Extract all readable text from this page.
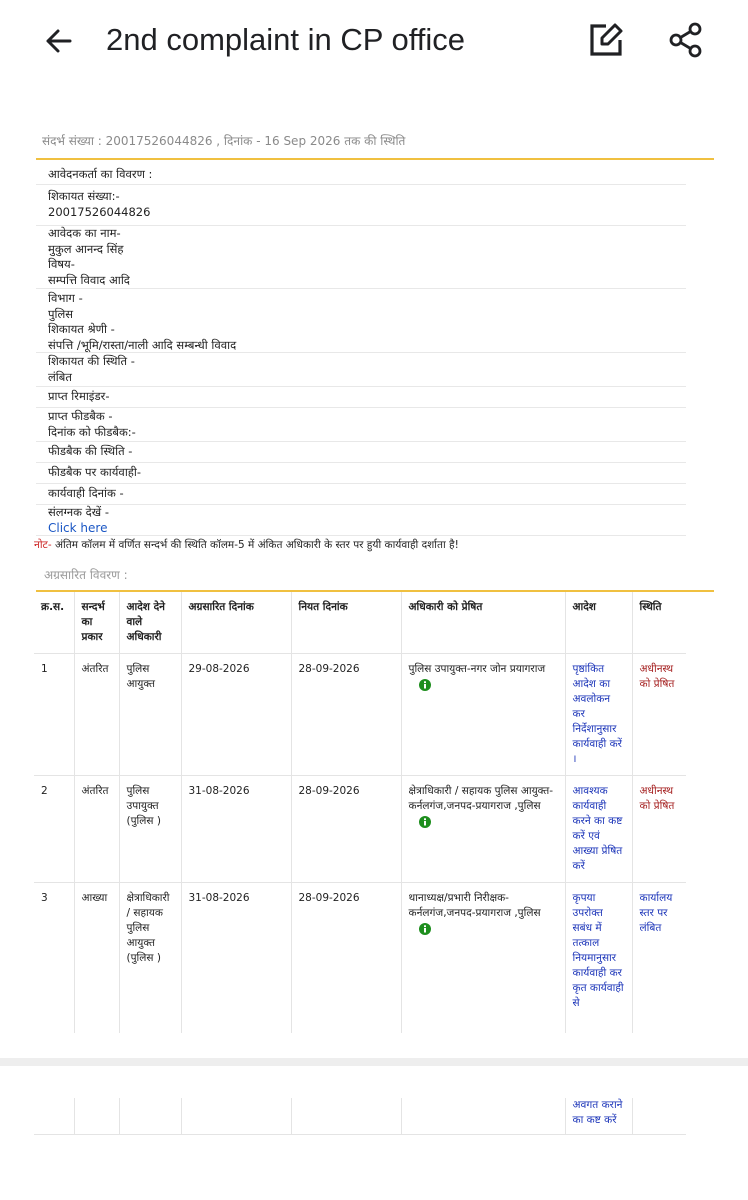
2nd complaint in CP office
संदर्भ संख्या : 20017526044826 , दिनांक - 16 Sep 2026 तक की स्थिति
आवेदनकर्ता का विवरण :
शिकायत संख्या:-
20017526044826
आवेदक का नाम-
मुकुल आनन्द सिंह
विषय-
सम्पत्ति विवाद आदि
विभाग -
पुलिस
शिकायत श्रेणी -
संपत्ति /भूमि/रास्ता/नाली आदि सम्बन्धी विवाद
शिकायत की स्थिति -
लंबित
प्राप्त रिमाइंडर-
प्राप्त फीडबैक -
दिनांक को फीडबैक:-
फीडबैक की स्थिति -
फीडबैक पर कार्यवाही-
कार्यवाही दिनांक -
संलग्नक देखें -
Click here
नोट- अंतिम कॉलम में वर्णित सन्दर्भ की स्थिति कॉलम-5 में अंकित अधिकारी के स्तर पर हुयी कार्यवाही दर्शाता है!
अग्रसारित विवरण :
क्र.स.	सन्दर्भ का प्रकार	आदेश देने वाले अधिकारी	अग्रसारित दिनांक	नियत दिनांक	अधिकारी को प्रेषित	आदेश	स्थिति
1	अंतरित	पुलिस आयुक्त	29-08-2026	28-09-2026	पुलिस उपायुक्त-नगर जोन प्रयागराज	पृष्ठांकित आदेश का अवलोकन कर निर्देशानुसार कार्यवाही करें ।	अधीनस्थ को प्रेषित
2	अंतरित	पुलिस उपायुक्त (पुलिस )	31-08-2026	28-09-2026	क्षेत्राधिकारी / सहायक पुलिस आयुक्त-कर्नलगंज,जनपद-प्रयागराज ,पुलिस	आवश्यक कार्यवाही करने का कष्ट करें एवं आख्या प्रेषित करें	अधीनस्थ को प्रेषित
3	आख्या	क्षेत्राधिकारी / सहायक पुलिस आयुक्त (पुलिस )	31-08-2026	28-09-2026	थानाध्यक्ष/प्रभारी निरीक्षक-कर्नलगंज,जनपद-प्रयागराज ,पुलिस	कृपया उपरोक्त सबंध में तत्काल नियमानुसार कार्यवाही कर कृत कार्यवाही से	कार्यालय स्तर पर लंबित
						अवगत कराने का कष्ट करें	
